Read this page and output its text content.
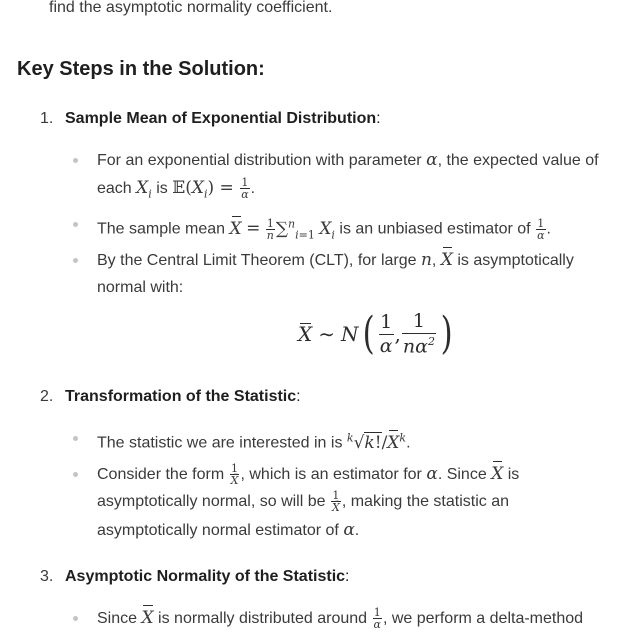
find the asymptotic normality coefficient.
Key Steps in the Solution:
1. Sample Mean of Exponential Distribution:
For an exponential distribution with parameter α, the expected value of
each $X_i$ is $𝔼(X_i) = \frac{1}{\alpha}$ .
The sample mean $X = \frac{1}{n} \sum^n_{i=1}$ $X_i$ is an unbiased estimator of $\frac{1}{\alpha}$ .
By the Central Limit Theorem (CLT), for large n, X is asymptotically
normal with:
X ∼ N ( $\frac{1}{\alpha}$ , $\frac{1}{n\alpha^2}$ )
2. Transformation of the Statistic:
The statistic we are interested in is $^k√k!/X^k$.
Consider the form $\frac{1}{X̄}$ , which is an estimator for α. Since X is
asymptotically normal, so will be $\frac{1}{X̄}$ , making the statistic an
asymptotically normal estimator of α.
3. Asymptotic Normality of the Statistic:
Since X is normally distributed around $\frac{1}{\alpha}$ , we perform a delta-method
